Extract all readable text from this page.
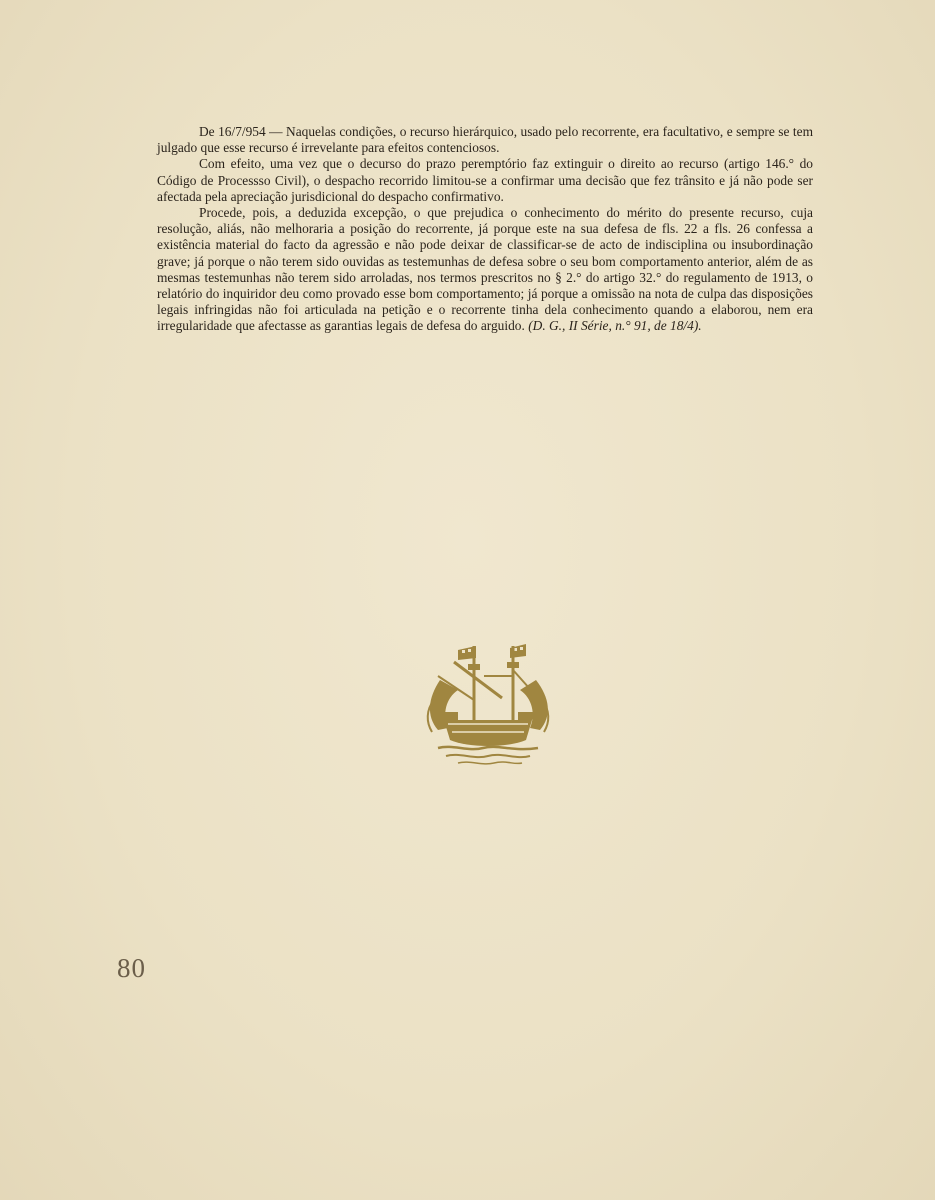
De 16/7/954 — Naquelas condições, o recurso hierárquico, usado pelo recorrente, era facultativo, e sempre se tem julgado que esse recurso é irrevelante para efeitos contenciosos.

Com efeito, uma vez que o decurso do prazo peremptório faz extinguir o direito ao recurso (artigo 146.° do Código de Processso Civil), o despacho recorrido limitou-se a confirmar uma decisão que fez trânsito e já não pode ser afectada pela apreciação jurisdicional do despacho confirmativo.

Procede, pois, a deduzida excepção, o que prejudica o conhecimento do mérito do presente recurso, cuja resolução, aliás, não melhoraria a posição do recorrente, já porque este na sua defesa de fls. 22 a fls. 26 confessa a existência material do facto da agressão e não pode deixar de classificar-se de acto de indisciplina ou insubordinação grave; já porque o não terem sido ouvidas as testemunhas de defesa sobre o seu bom comportamento anterior, além de as mesmas testemunhas não terem sido arroladas, nos termos prescritos no § 2.° do artigo 32.° do regulamento de 1913, o relatório do inquiridor deu como provado esse bom comportamento; já porque a omissão na nota de culpa das disposições legais infringidas não foi articulada na petição e o recorrente tinha dela conhecimento quando a elaborou, nem era irregularidade que afectasse as garantias legais de defesa do arguido. (D. G., II Série, n.° 91, de 18/4).

80
